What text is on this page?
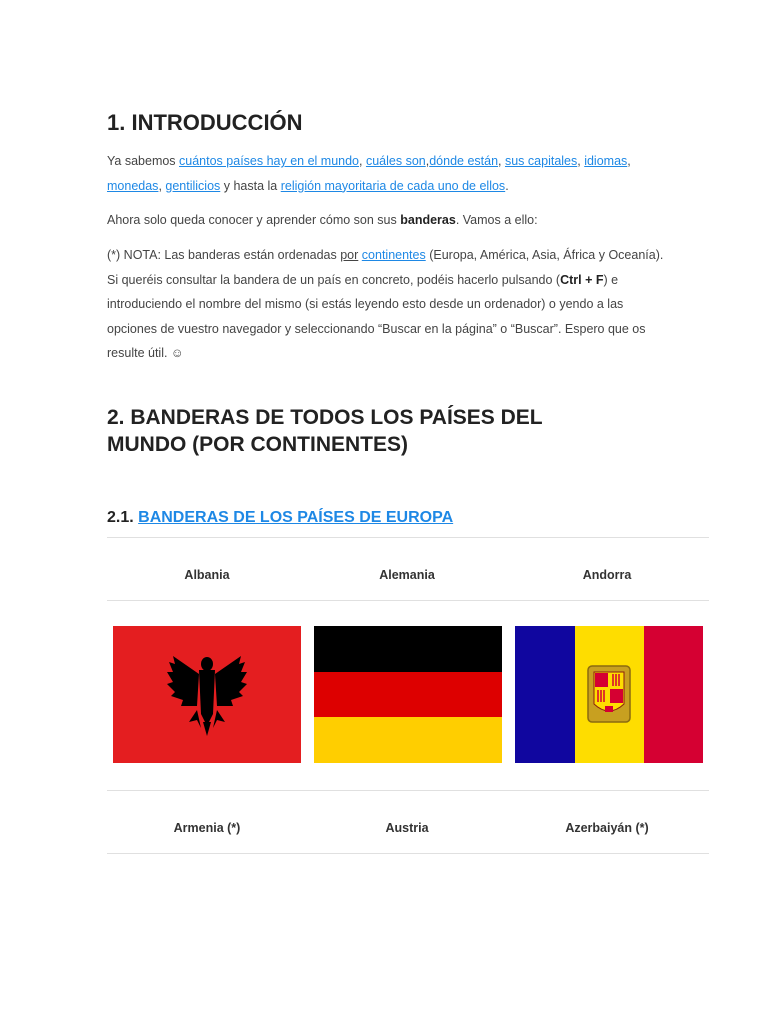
1. INTRODUCCIÓN
Ya sabemos cuántos países hay en el mundo, cuáles son,dónde están, sus capitales, idiomas, monedas, gentilicios y hasta la religión mayoritaria de cada uno de ellos.
Ahora solo queda conocer y aprender cómo son sus banderas. Vamos a ello:
(*) NOTA: Las banderas están ordenadas por continentes (Europa, América, Asia, África y Oceanía). Si queréis consultar la bandera de un país en concreto, podéis hacerlo pulsando (Ctrl + F) e introduciendo el nombre del mismo (si estás leyendo esto desde un ordenador) o yendo a las opciones de vuestro navegador y seleccionando “Buscar en la página” o “Buscar”. Espero que os resulte útil. ☺
2. BANDERAS DE TODOS LOS PAÍSES DEL MUNDO (POR CONTINENTES)
2.1. BANDERAS DE LOS PAÍSES DE EUROPA
Albania	Alemania	Andorra
Armenia (*)	Austria	Azerbaiyán (*)
